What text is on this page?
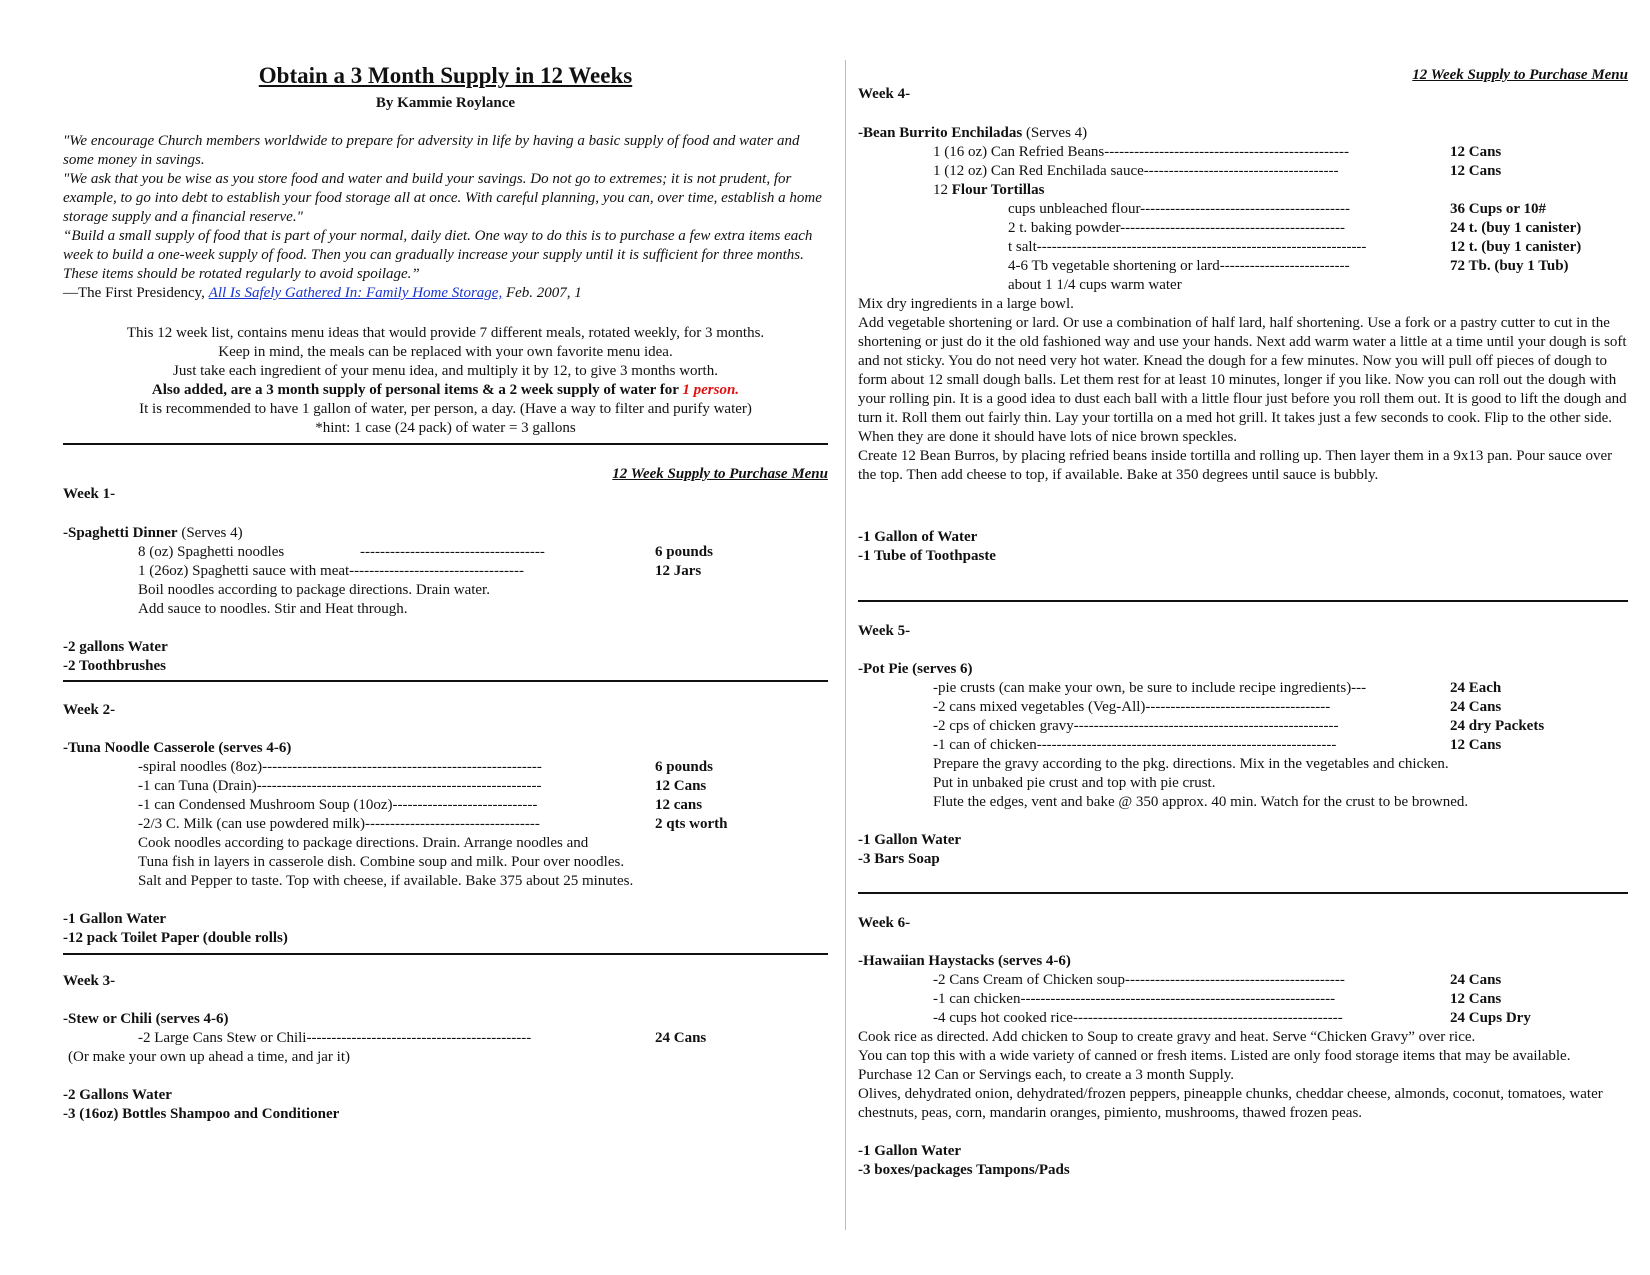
Obtain a 3 Month Supply in 12 Weeks
By Kammie Roylance
"We encourage Church members worldwide to prepare for adversity in life by having a basic supply of food and water and some money in savings.
"We ask that you be wise as you store food and water and build your savings. Do not go to extremes; it is not prudent, for example, to go into debt to establish your food storage all at once. With careful planning, you can, over time, establish a home storage supply and a financial reserve."
“Build a small supply of food that is part of your normal, daily diet. One way to do this is to purchase a few extra items each week to build a one-week supply of food. Then you can gradually increase your supply until it is sufficient for three months. These items should be rotated regularly to avoid spoilage.”
—The First Presidency, All Is Safely Gathered In: Family Home Storage, Feb. 2007, 1
This 12 week list, contains menu ideas that would provide 7 different meals, rotated weekly, for 3 months.
Keep in mind, the meals can be replaced with your own favorite menu idea.
Just take each ingredient of your menu idea, and multiply it by 12, to give 3 months worth.
Also added, are a 3 month supply of personal items & a 2 week supply of water for 1 person.
It is recommended to have 1 gallon of water, per person, a day. (Have a way to filter and purify water)
*hint: 1 case (24 pack) of water = 3 gallons
12 Week Supply to Purchase Menu
Week 1-
-Spaghetti Dinner (Serves 4)
8 (oz) Spaghetti noodles	-------------------------------------	6 pounds
1 (26oz) Spaghetti sauce with meat-----------------------------------	12 Jars
Boil noodles according to package directions. Drain water.
Add sauce to noodles. Stir and Heat through.
-2 gallons Water
-2 Toothbrushes
Week 2-
-Tuna Noodle Casserole (serves 4-6)
-spiral noodles (8oz)--------------------------------------------------------	6 pounds
-1 can Tuna (Drain)---------------------------------------------------------	12 Cans
-1 can Condensed Mushroom Soup (10oz)-----------------------------	12 cans
-2/3 C. Milk (can use powdered milk)-----------------------------------	2 qts worth
Cook noodles according to package directions. Drain. Arrange noodles and
Tuna fish in layers in casserole dish. Combine soup and milk. Pour over noodles.
Salt and Pepper to taste. Top with cheese, if available. Bake 375 about 25 minutes.
-1 Gallon Water
-12 pack Toilet Paper (double rolls)
Week 3-
-Stew or Chili (serves 4-6)
-2 Large Cans Stew or Chili---------------------------------------------	24 Cans
(Or make your own up ahead a time, and jar it)
-2 Gallons Water
-3 (16oz) Bottles Shampoo and Conditioner
12 Week Supply to Purchase Menu
Week 4-
-Bean Burrito Enchiladas (Serves 4)
1 (16 oz) Can Refried Beans-------------------------------------------------	12 Cans
1 (12 oz) Can Red Enchilada sauce---------------------------------------	12 Cans
12 Flour Tortillas
cups unbleached flour------------------------------------------	36 Cups or 10#
2 t. baking powder---------------------------------------------	24 t. (buy 1 canister)
t salt------------------------------------------------------------------	12 t. (buy 1 canister)
4-6 Tb vegetable shortening or lard--------------------------	72 Tb. (buy 1 Tub)
about 1 1/4 cups warm water
Mix dry ingredients in a large bowl.
Add vegetable shortening or lard. Or use a combination of half lard, half shortening. Use a fork or a pastry cutter to cut in the shortening or just do it the old fashioned way and use your hands. Next add warm water a little at a time until your dough is soft and not sticky. You do not need very hot water. Knead the dough for a few minutes. Now you will pull off pieces of dough to form about 12 small dough balls. Let them rest for at least 10 minutes, longer if you like. Now you can roll out the dough with your rolling pin. It is a good idea to dust each ball with a little flour just before you roll them out. It is good to lift the dough and turn it. Roll them out fairly thin. Lay your tortilla on a med hot grill. It takes just a few seconds to cook. Flip to the other side. When they are done it should have lots of nice brown speckles.
Create 12 Bean Burros, by placing refried beans inside tortilla and rolling up. Then layer them in a 9x13 pan. Pour sauce over the top. Then add cheese to top, if available. Bake at 350 degrees until sauce is bubbly.
-1 Gallon of Water
-1 Tube of Toothpaste
Week 5-
-Pot Pie (serves 6)
-pie crusts (can make your own, be sure to include recipe ingredients)---	24 Each
-2 cans mixed vegetables (Veg-All)-------------------------------------	24 Cans
-2 cps of chicken gravy-----------------------------------------------------	24 dry Packets
-1 can of chicken------------------------------------------------------------	12 Cans
Prepare the gravy according to the pkg. directions. Mix in the vegetables and chicken.
Put in unbaked pie crust and top with pie crust.
Flute the edges, vent and bake @ 350 approx. 40 min. Watch for the crust to be browned.
-1 Gallon Water
-3 Bars Soap
Week 6-
-Hawaiian Haystacks (serves 4-6)
-2 Cans Cream of Chicken soup--------------------------------------------	24 Cans
-1 can chicken---------------------------------------------------------------	12 Cans
-4 cups hot cooked rice------------------------------------------------------	24 Cups Dry
Cook rice as directed. Add chicken to Soup to create gravy and heat. Serve “Chicken Gravy” over rice.
You can top this with a wide variety of canned or fresh items. Listed are only food storage items that may be available. Purchase 12 Can or Servings each, to create a 3 month Supply.
Olives, dehydrated onion, dehydrated/frozen peppers, pineapple chunks, cheddar cheese, almonds, coconut, tomatoes, water chestnuts, peas, corn, mandarin oranges, pimiento, mushrooms, thawed frozen peas.
-1 Gallon Water
-3 boxes/packages Tampons/Pads
